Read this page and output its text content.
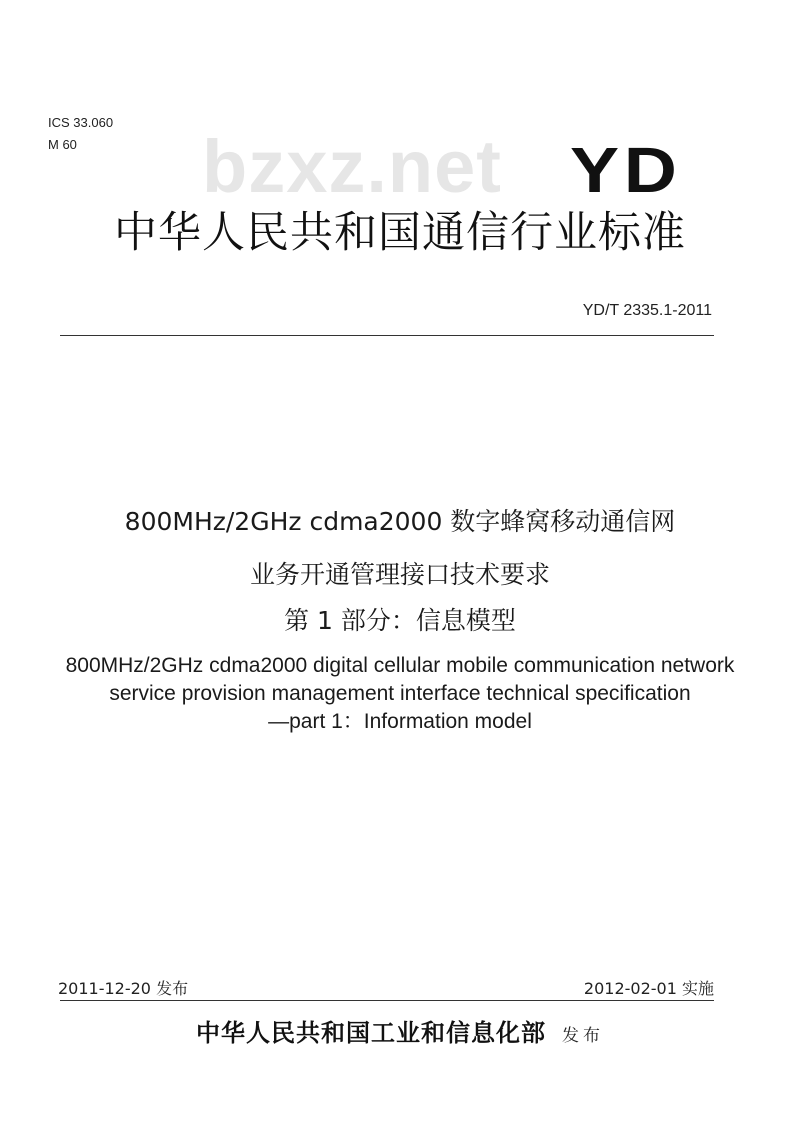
ICS 33.060
M 60	bzxz.net YD
中华人民共和国通信行业标准
YD/T 2335.1-2011
800MHz/2GHz cdma2000 数字蜂窝移动通信网
业务开通管理接口技术要求
第 1 部分：信息模型
800MHz/2GHz cdma2000 digital cellular mobile communication network
service provision management interface technical specification
—part 1：Information model
2011-12-20 发布	2012-02-01 实施
中华人民共和国工业和信息化部 发布
